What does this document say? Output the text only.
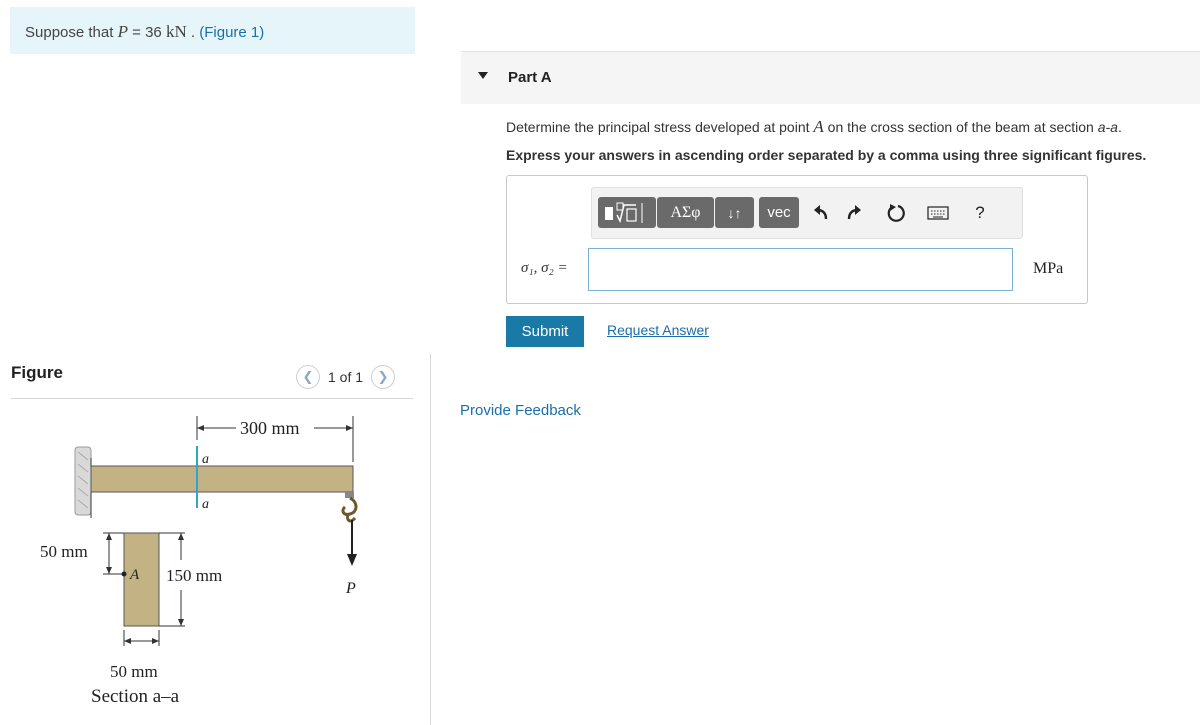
Suppose that P = 36 kN . (Figure 1)
Figure	❮	1 of 1	❯
a
a
300 mm
P
50 mm
A 150 mm
50 mm
Section a–a
Part A
Determine the principal stress developed at point A on the cross section of the beam at section a-a.
Express your answers in ascending order separated by a comma using three significant figures.
ΑΣφ	↓↑	vec	?
σ₁, σ₂ =	MPa
Submit	Request Answer
Provide Feedback
